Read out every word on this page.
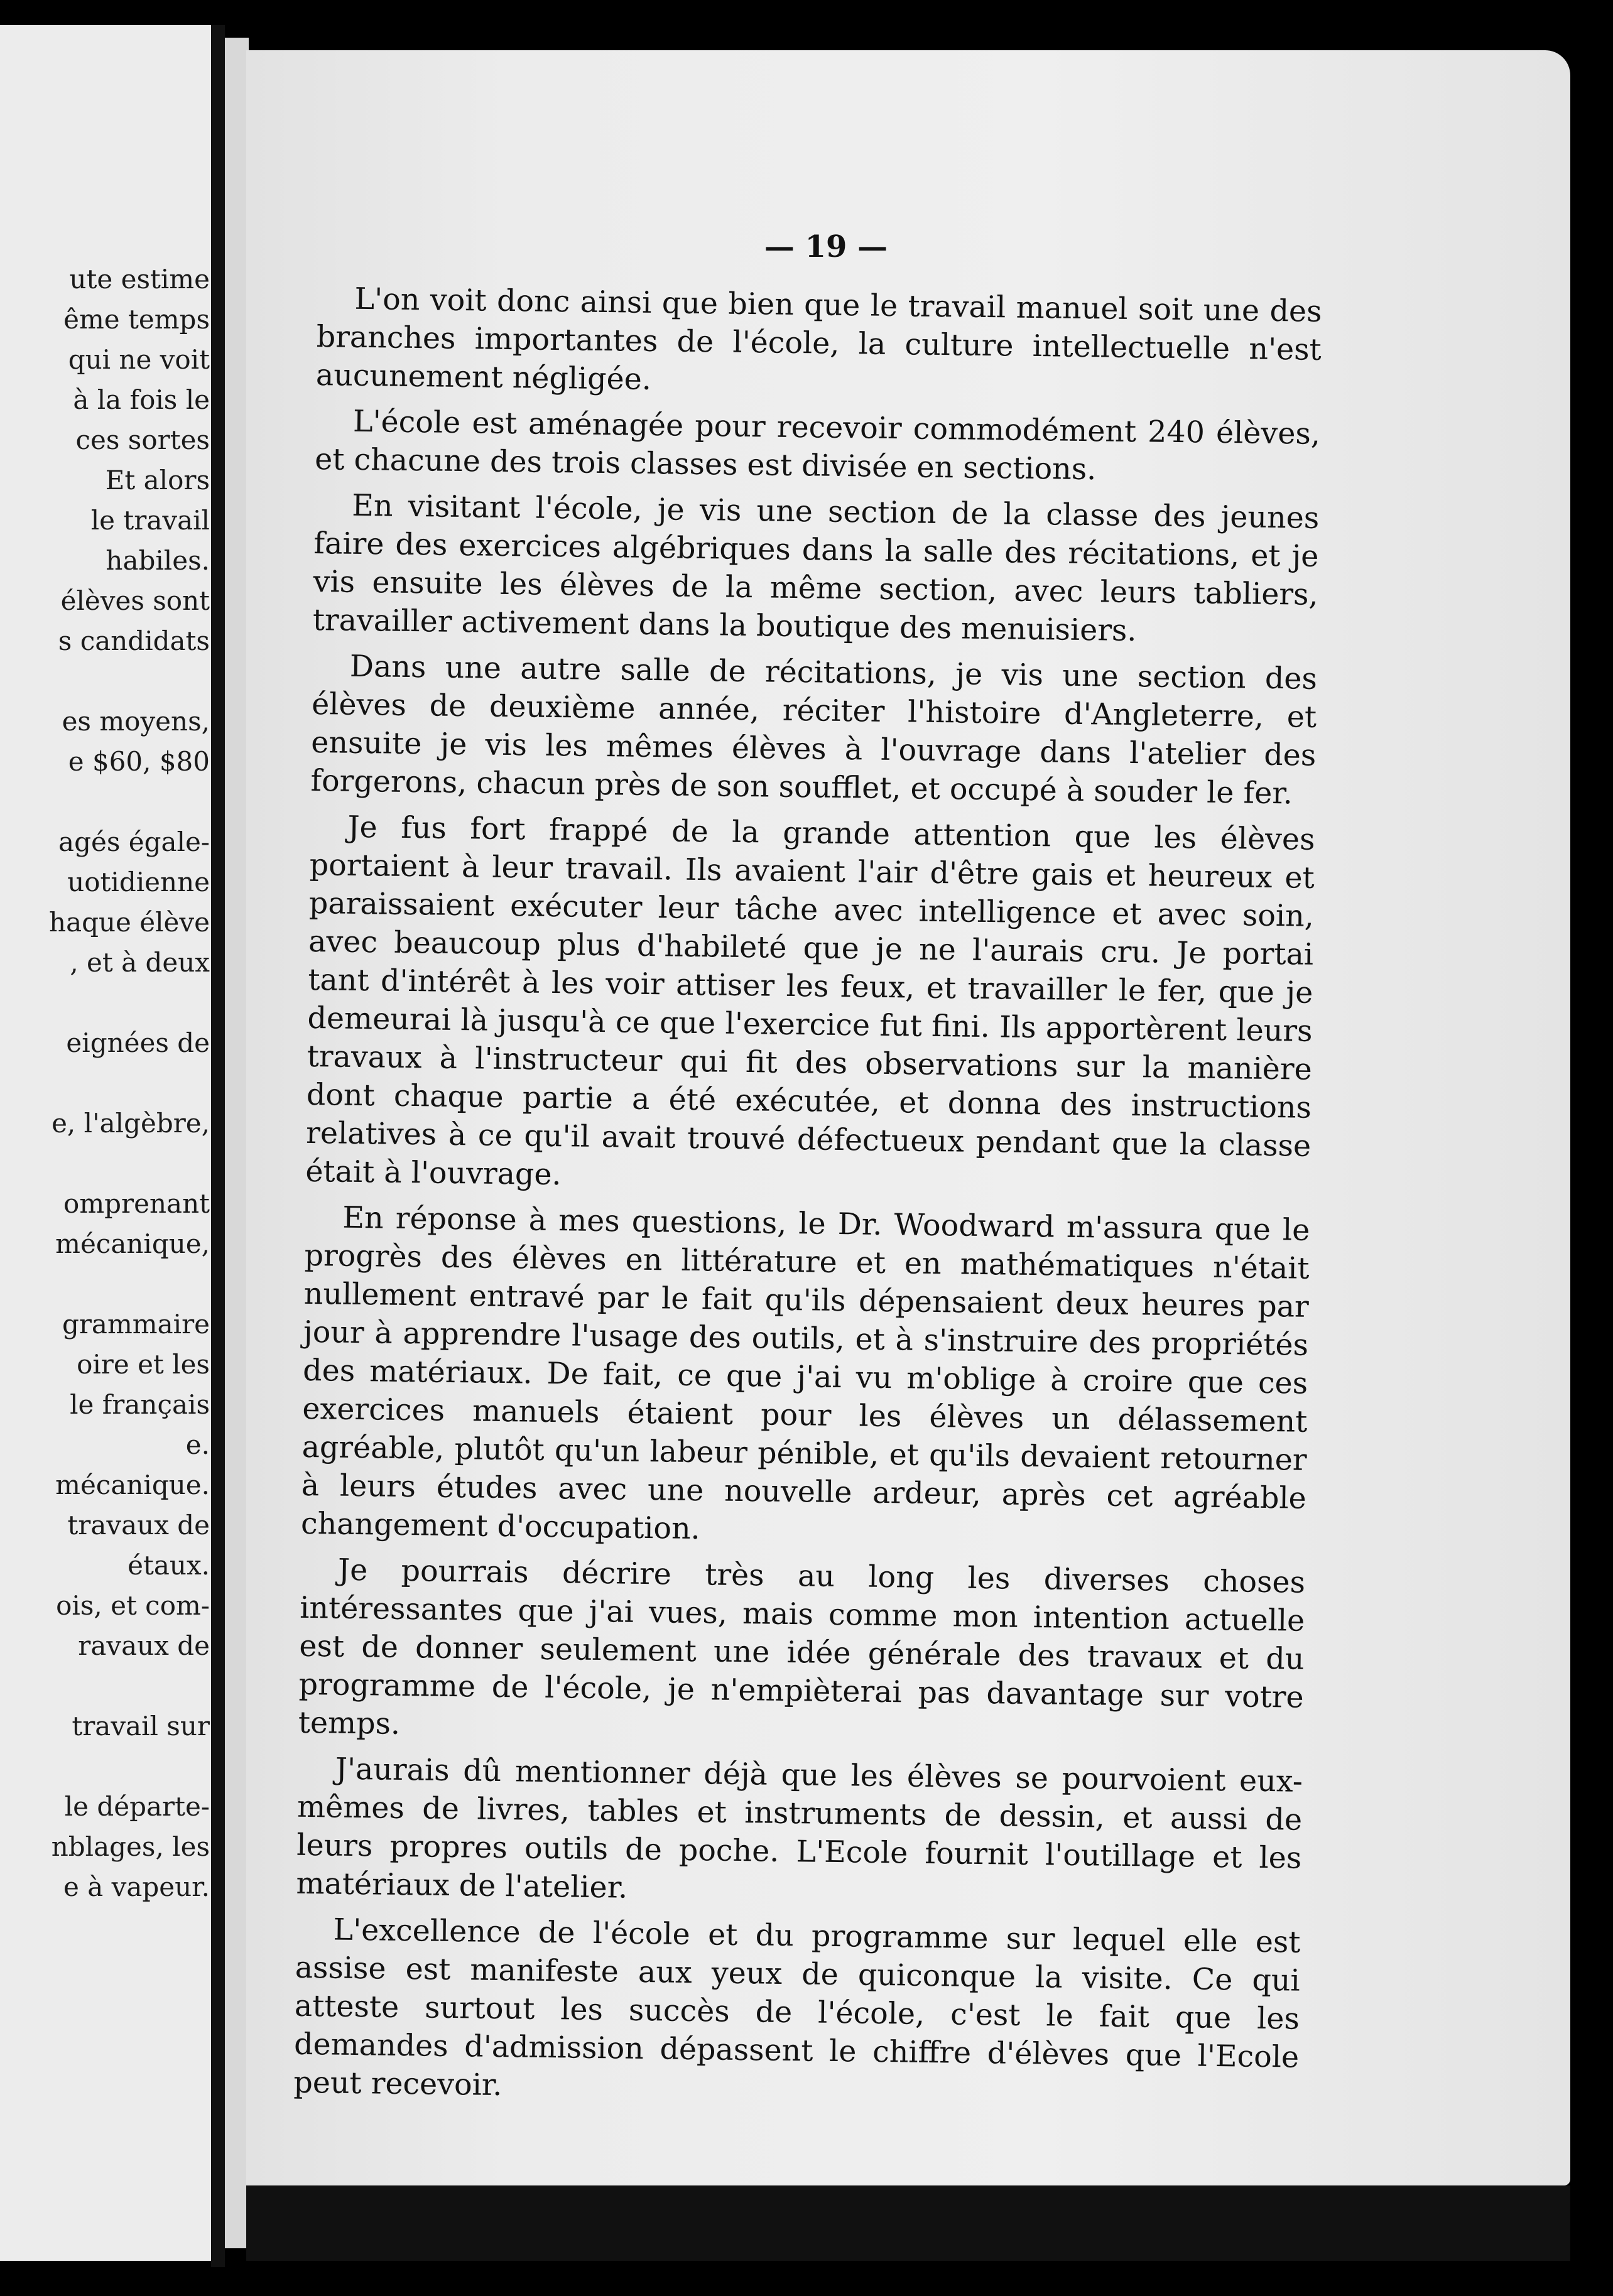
ute estime
ême temps
qui ne voit
à la fois le
ces sortes
Et alors
le travail
habiles.
élèves sont
s candidats
es moyens,
e $60, $80
agés égale-
uotidienne
haque élève
, et à deux
eignées de
e, l'algèbre,
omprenant
mécanique,
grammaire
oire et les
le français
e.
mécanique.
travaux de
étaux.
ois, et com-
ravaux de
travail sur
le départe-
nblages, les
e à vapeur.
— 19 —

L'on voit donc ainsi que bien que le travail manuel soit une des branches importantes de l'école, la culture intellectuelle n'est aucunement négligée.

L'école est aménagée pour recevoir commodément 240 élèves, et chacune des trois classes est divisée en sections.

En visitant l'école, je vis une section de la classe des jeunes faire des exercices algébriques dans la salle des récitations, et je vis ensuite les élèves de la même section, avec leurs tabliers, travailler activement dans la boutique des menuisiers.

Dans une autre salle de récitations, je vis une section des élèves de deuxième année, réciter l'histoire d'Angleterre, et ensuite je vis les mêmes élèves à l'ouvrage dans l'atelier des forgerons, chacun près de son soufflet, et occupé à souder le fer.

Je fus fort frappé de la grande attention que les élèves portaient à leur travail. Ils avaient l'air d'être gais et heureux et paraissaient exécuter leur tâche avec intelligence et avec soin, avec beaucoup plus d'habileté que je ne l'aurais cru. Je portai tant d'intérêt à les voir attiser les feux, et travailler le fer, que je demeurai là jusqu'à ce que l'exercice fut fini. Ils apportèrent leurs travaux à l'instructeur qui fit des observations sur la manière dont chaque partie a été exécutée, et donna des instructions relatives à ce qu'il avait trouvé défectueux pendant que la classe était à l'ouvrage.

En réponse à mes questions, le Dr. Woodward m'assura que le progrès des élèves en littérature et en mathématiques n'était nullement entravé par le fait qu'ils dépensaient deux heures par jour à apprendre l'usage des outils, et à s'instruire des propriétés des matériaux. De fait, ce que j'ai vu m'oblige à croire que ces exercices manuels étaient pour les élèves un délassement agréable, plutôt qu'un labeur pénible, et qu'ils devaient retourner à leurs études avec une nouvelle ardeur, après cet agréable changement d'occupation.

Je pourrais décrire très au long les diverses choses intéressantes que j'ai vues, mais comme mon intention actuelle est de donner seulement une idée générale des travaux et du programme de l'école, je n'empièterai pas davantage sur votre temps.

J'aurais dû mentionner déjà que les élèves se pourvoient eux-mêmes de livres, tables et instruments de dessin, et aussi de leurs propres outils de poche. L'Ecole fournit l'outillage et les matériaux de l'atelier.

L'excellence de l'école et du programme sur lequel elle est assise est manifeste aux yeux de quiconque la visite. Ce qui atteste surtout les succès de l'école, c'est le fait que les demandes d'admission dépassent le chiffre d'élèves que l'Ecole peut recevoir.
